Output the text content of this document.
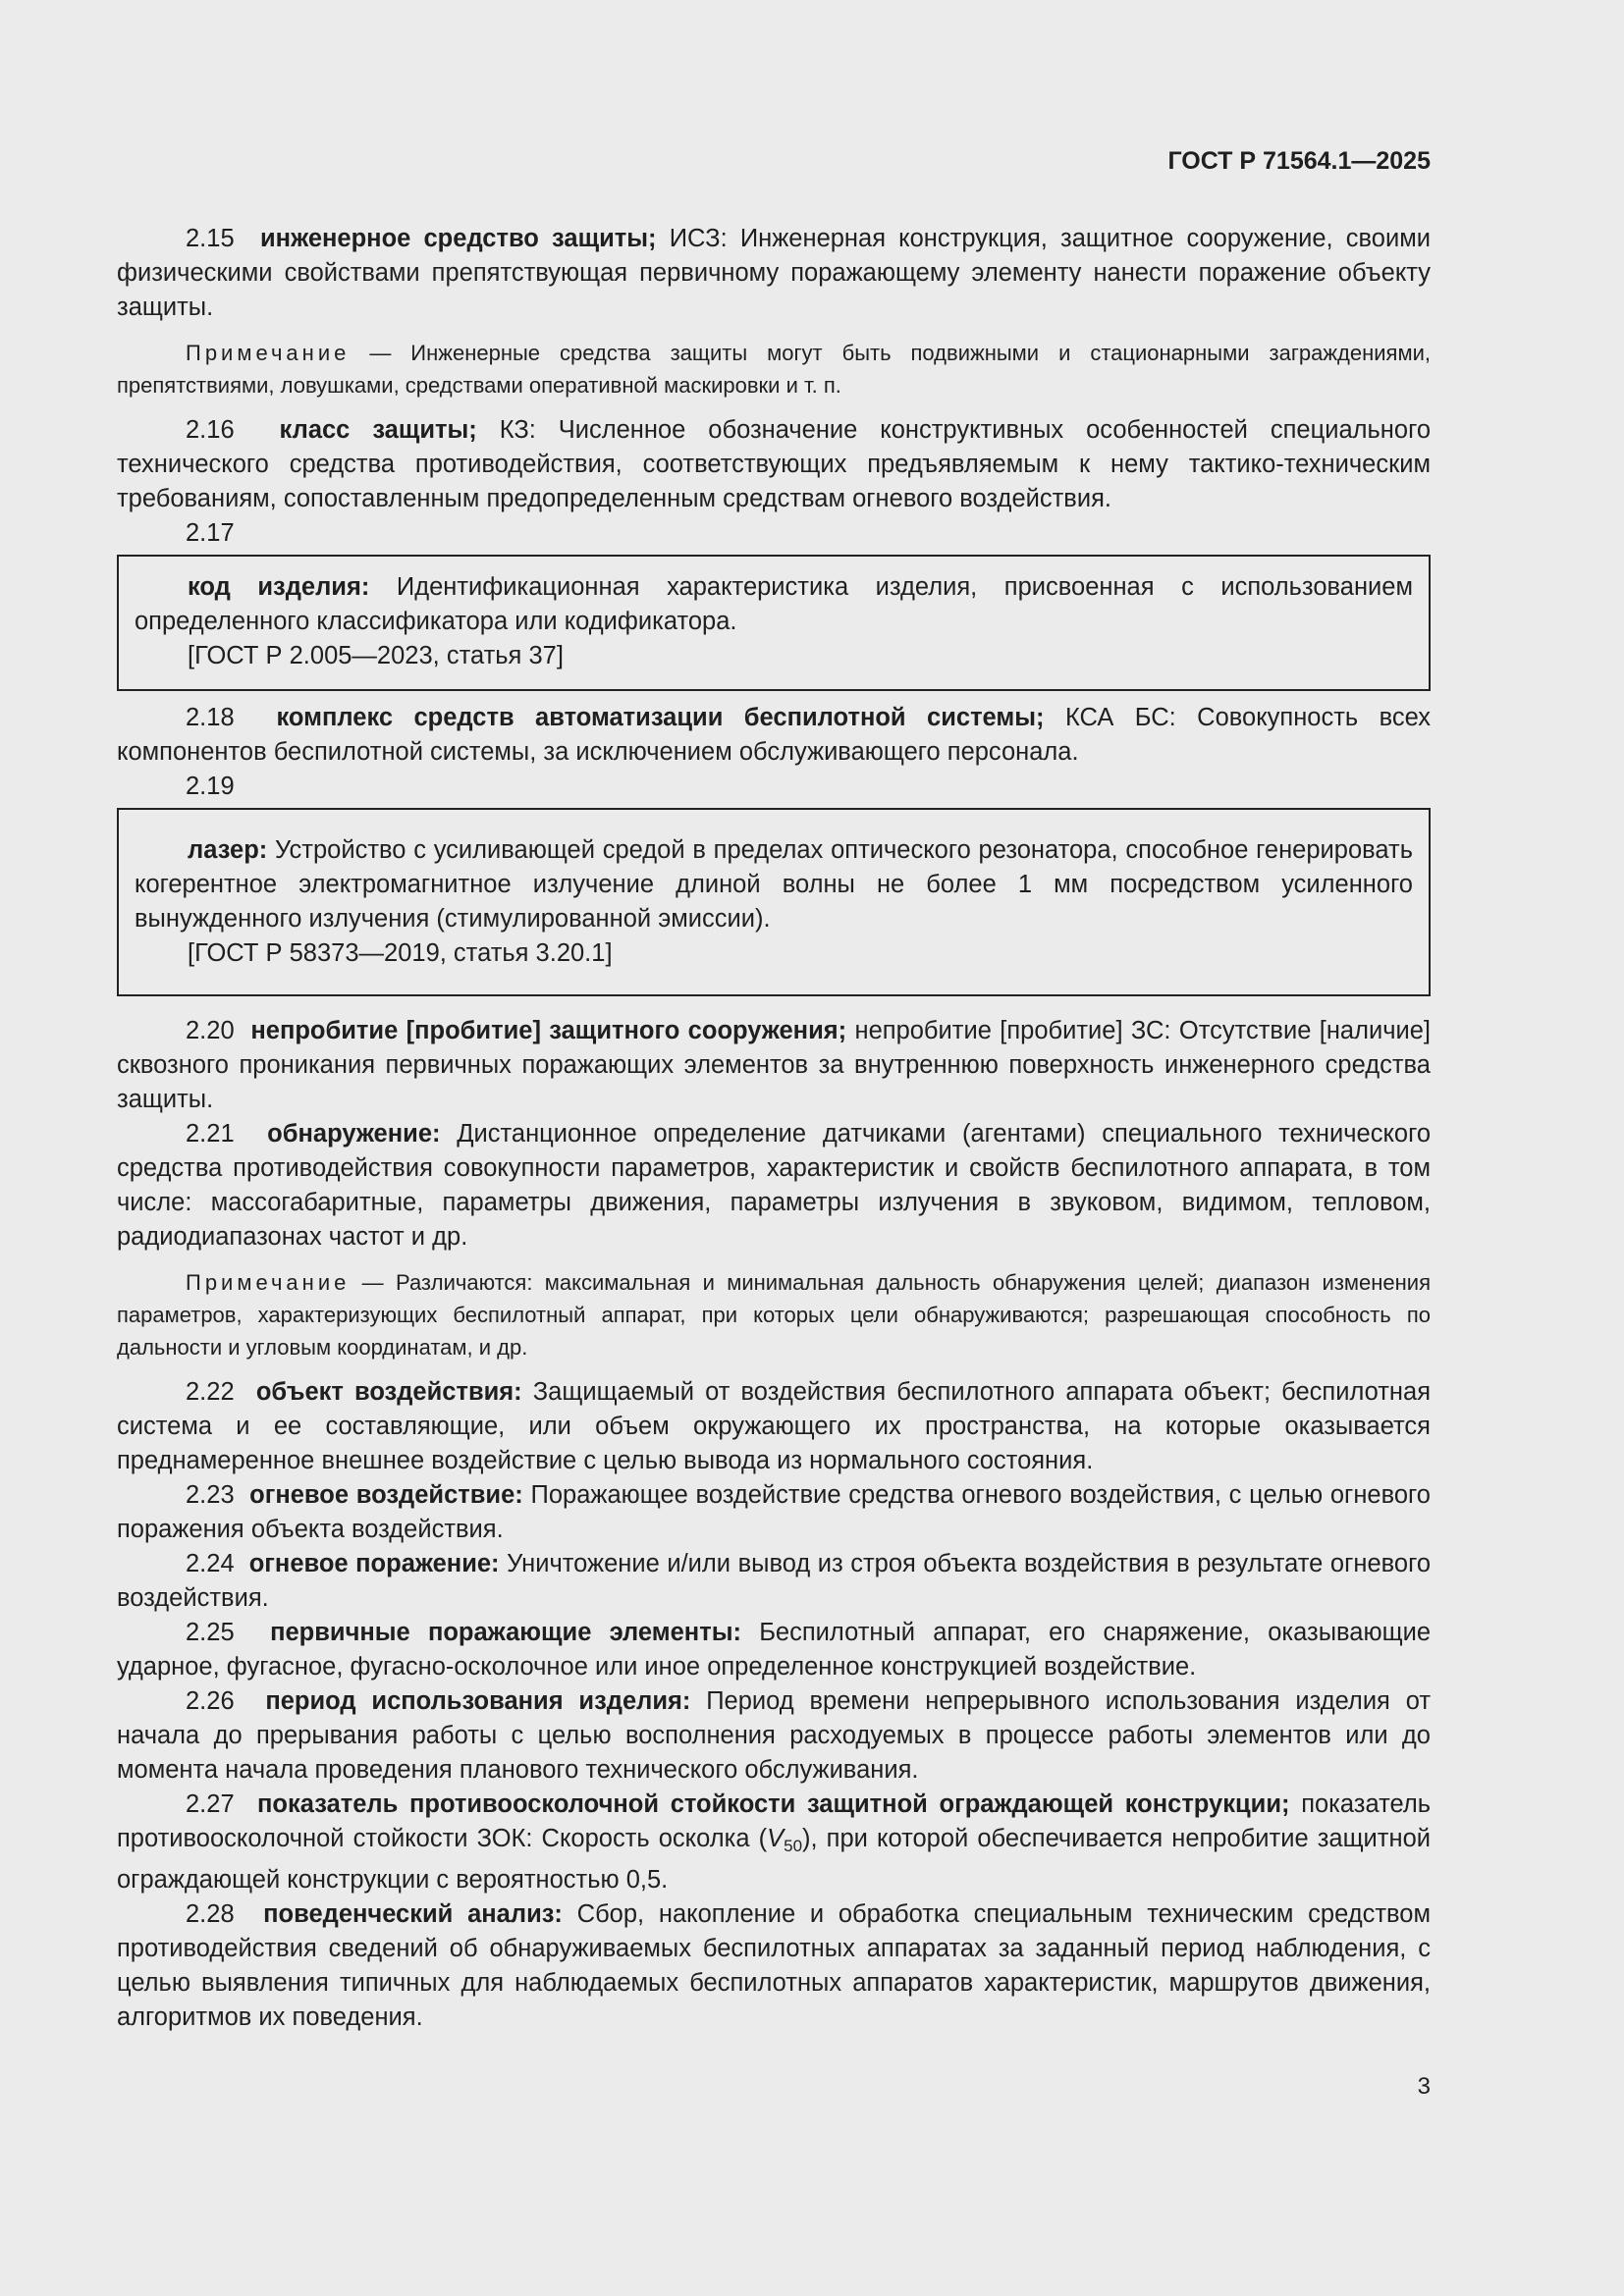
ГОСТ Р 71564.1—2025

2.15 инженерное средство защиты; ИСЗ: Инженерная конструкция, защитное сооружение, своими физическими свойствами препятствующая первичному поражающему элементу нанести поражение объекту защиты.

Примечание — Инженерные средства защиты могут быть подвижными и стационарными заграждениями, препятствиями, ловушками, средствами оперативной маскировки и т. п.

2.16 класс защиты; КЗ: Численное обозначение конструктивных особенностей специального технического средства противодействия, соответствующих предъявляемым к нему тактико-техническим требованиям, сопоставленным предопределенным средствам огневого воздействия.

2.17

код изделия: Идентификационная характеристика изделия, присвоенная с использованием определенного классификатора или кодификатора.

[ГОСТ Р 2.005—2023, статья 37]

2.18 комплекс средств автоматизации беспилотной системы; КСА БС: Совокупность всех компонентов беспилотной системы, за исключением обслуживающего персонала.

2.19

лазер: Устройство с усиливающей средой в пределах оптического резонатора, способное генерировать когерентное электромагнитное излучение длиной волны не более 1 мм посредством усиленного вынужденного излучения (стимулированной эмиссии).

[ГОСТ Р 58373—2019, статья 3.20.1]

2.20 непробитие [пробитие] защитного сооружения; непробитие [пробитие] ЗС: Отсутствие [наличие] сквозного проникания первичных поражающих элементов за внутреннюю поверхность инженерного средства защиты.

2.21 обнаружение: Дистанционное определение датчиками (агентами) специального технического средства противодействия совокупности параметров, характеристик и свойств беспилотного аппарата, в том числе: массогабаритные, параметры движения, параметры излучения в звуковом, видимом, тепловом, радиодиапазонах частот и др.

Примечание — Различаются: максимальная и минимальная дальность обнаружения целей; диапазон изменения параметров, характеризующих беспилотный аппарат, при которых цели обнаруживаются; разрешающая способность по дальности и угловым координатам, и др.

2.22 объект воздействия: Защищаемый от воздействия беспилотного аппарата объект; беспилотная система и ее составляющие, или объем окружающего их пространства, на которые оказывается преднамеренное внешнее воздействие с целью вывода из нормального состояния.

2.23 огневое воздействие: Поражающее воздействие средства огневого воздействия, с целью огневого поражения объекта воздействия.

2.24 огневое поражение: Уничтожение и/или вывод из строя объекта воздействия в результате огневого воздействия.

2.25 первичные поражающие элементы: Беспилотный аппарат, его снаряжение, оказывающие ударное, фугасное, фугасно-осколочное или иное определенное конструкцией воздействие.

2.26 период использования изделия: Период времени непрерывного использования изделия от начала до прерывания работы с целью восполнения расходуемых в процессе работы элементов или до момента начала проведения планового технического обслуживания.

2.27 показатель противоосколочной стойкости защитной ограждающей конструкции; показатель противоосколочной стойкости ЗОК: Скорость осколка $(V_{50})$, при которой обеспечивается непробитие защитной ограждающей конструкции с вероятностью 0,5.

2.28 поведенческий анализ: Сбор, накопление и обработка специальным техническим средством противодействия сведений об обнаруживаемых беспилотных аппаратах за заданный период наблюдения, с целью выявления типичных для наблюдаемых беспилотных аппаратов характеристик, маршрутов движения, алгоритмов их поведения.

3
